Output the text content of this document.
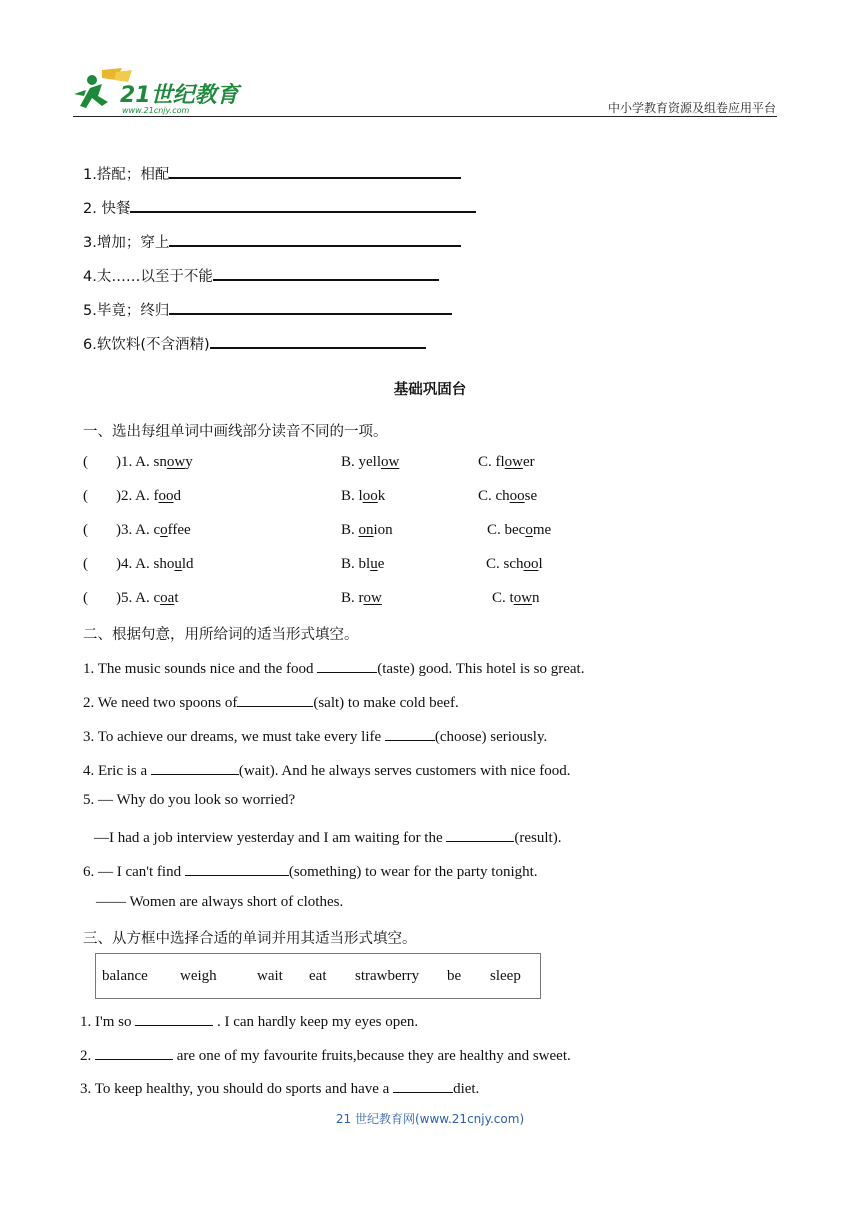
21世纪教育
www.21cnjy.com	中小学教育资源及组卷应用平台
1.搭配；相配
2. 快餐
3.增加；穿上
4.太……以至于不能
5.毕竟；终归
6.软饮料(不含酒精)
基础巩固台
一、选出每组单词中画线部分读音不同的一项。
( )1. A. snowy	B. yellow	C. flower
( )2. A. food	B. look	C. choose
( )3. A. coffee	B. onion	C. become
( )4. A. should	B. blue	C. school
( )5. A. coat	B. row	C. town
二、根据句意，用所给词的适当形式填空。
1. The music sounds nice and the food	(taste) good. This hotel is so great.
2. We need two spoons of	(salt) to make cold beef.
3. To achieve our dreams, we must take every life	(choose) seriously.
4. Eric is a	(wait). And he always serves customers with nice food.
5. — Why do you look so worried?
—I had a job interview yesterday and I am waiting for the	(result).
6. — I can't find	(something) to wear for the party tonight.
—— Women are always short of clothes.
三、从方框中选择合适的单词并用其适当形式填空。
balance weigh	wait eat strawberry be sleep
1. I'm so	. I can hardly keep my eyes open.
2.	are one of my favourite fruits,because they are healthy and sweet.
3. To keep healthy, you should do sports and have a	diet.
21 世纪教育网(www.21cnjy.com)
